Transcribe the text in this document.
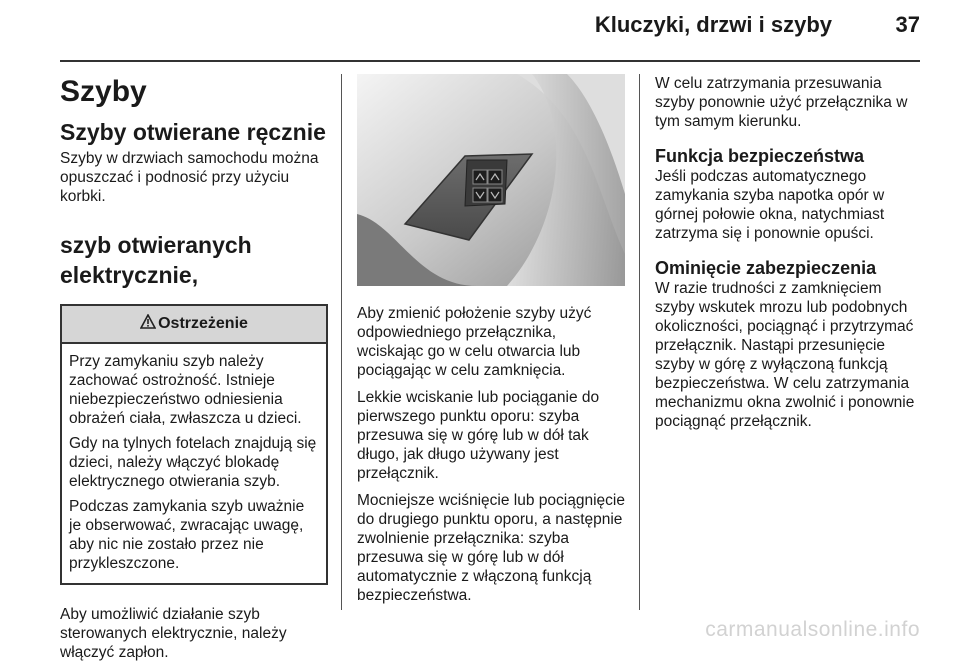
Kluczyki, drzwi i szyby	37
Szyby
Szyby otwierane ręcznie

Szyby w drzwiach samochodu można opuszczać i podnosić przy użyciu korbki.

szyb otwieranych
elektrycznie,
Ostrzeżenie

Przy zamykaniu szyb należy zachować ostrożność. Istnieje niebezpieczeństwo odniesienia obrażeń ciała, zwłaszcza u dzieci.

Gdy na tylnych fotelach znajdują się dzieci, należy włączyć blokadę elektrycznego otwierania szyb.

Podczas zamykania szyb uważnie je obserwować, zwracając uwagę, aby nic nie zostało przez nie przykleszczone.

Aby umożliwić działanie szyb sterowanych elektrycznie, należy włączyć zapłon.

Aby zmienić położenie szyby użyć odpowiedniego przełącznika, wciskając go w celu otwarcia lub pociągając w celu zamknięcia.

Lekkie wciskanie lub pociąganie do pierwszego punktu oporu: szyba przesuwa się w górę lub w dół tak długo, jak długo używany jest przełącznik.

Mocniejsze wciśnięcie lub pociągnięcie do drugiego punktu oporu, a następnie zwolnienie przełącznika: szyba przesuwa się w górę lub w dół automatycznie z włączoną funkcją bezpieczeństwa.

W celu zatrzymania przesuwania szyby ponownie użyć przełącznika w tym samym kierunku.

Funkcja bezpieczeństwa

Jeśli podczas automatycznego zamykania szyba napotka opór w górnej połowie okna, natychmiast zatrzyma się i ponownie opuści.

Ominięcie zabezpieczenia

W razie trudności z zamknięciem szyby wskutek mrozu lub podobnych okoliczności, pociągnąć i przytrzymać przełącznik. Nastąpi przesunięcie szyby w górę z wyłączoną funkcją bezpieczeństwa. W celu zatrzymania mechanizmu okna zwolnić i ponownie pociągnąć przełącznik.

carmanualsonline.info
